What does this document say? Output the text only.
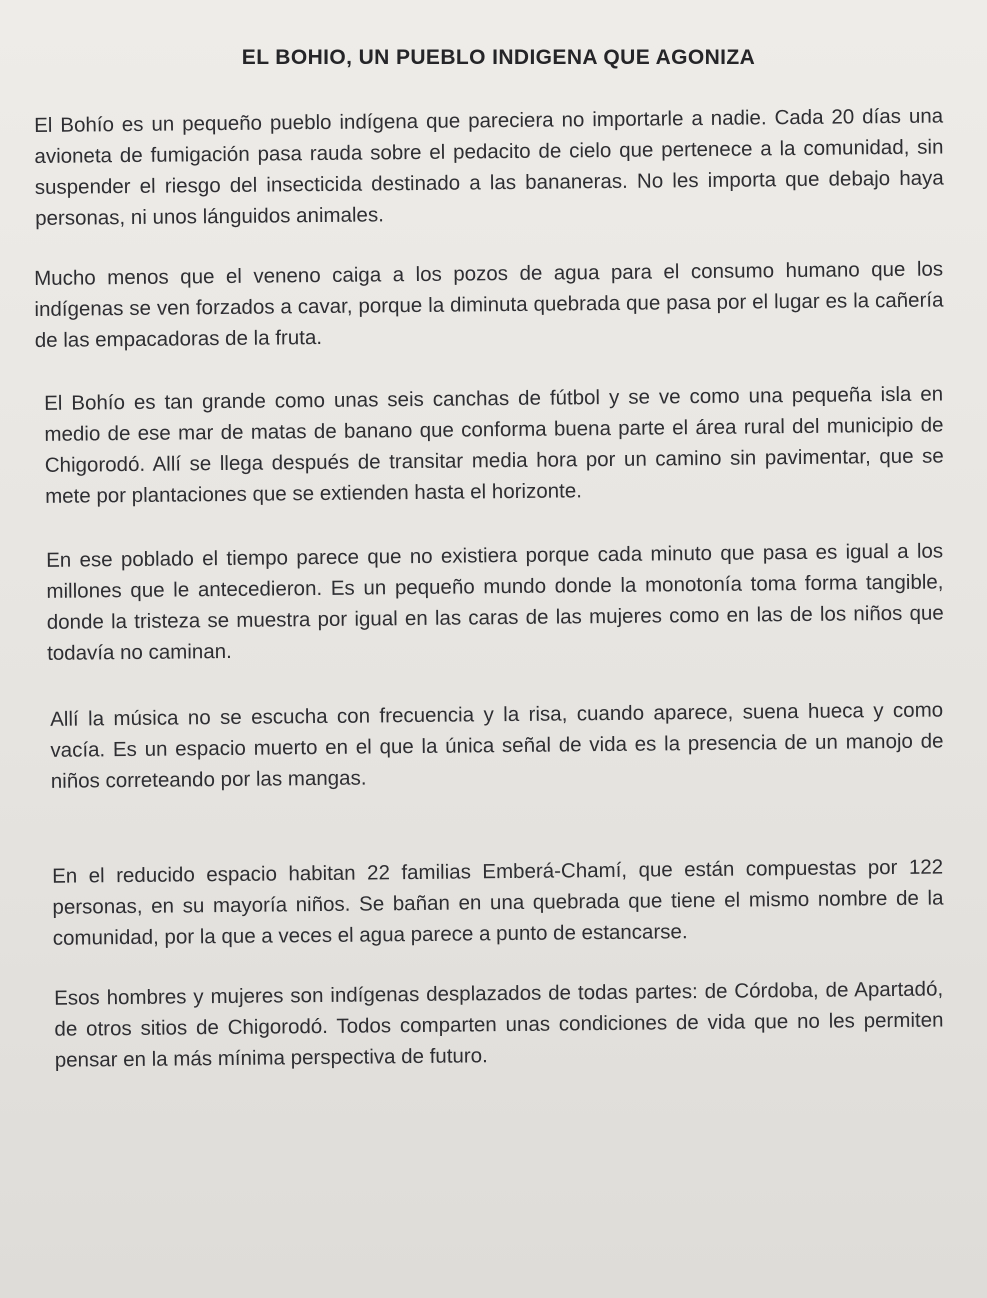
EL BOHIO, UN PUEBLO INDIGENA QUE AGONIZA

El Bohío es un pequeño pueblo indígena que pareciera no importarle a nadie. Cada 20 días una avioneta de fumigación pasa rauda sobre el pedacito de cielo que pertenece a la comunidad, sin suspender el riesgo del insecticida destinado a las bananeras. No les importa que debajo haya personas, ni unos lánguidos animales.

Mucho menos que el veneno caiga a los pozos de agua para el consumo humano que los indígenas se ven forzados a cavar, porque la diminuta quebrada que pasa por el lugar es la cañería de las empacadoras de la fruta.

El Bohío es tan grande como unas seis canchas de fútbol y se ve como una pequeña isla en medio de ese mar de matas de banano que conforma buena parte el área rural del municipio de Chigorodó. Allí se llega después de transitar media hora por un camino sin pavimentar, que se mete por plantaciones que se extienden hasta el horizonte.

En ese poblado el tiempo parece que no existiera porque cada minuto que pasa es igual a los millones que le antecedieron. Es un pequeño mundo donde la monotonía toma forma tangible, donde la tristeza se muestra por igual en las caras de las mujeres como en las de los niños que todavía no caminan.

Allí la música no se escucha con frecuencia y la risa, cuando aparece, suena hueca y como vacía. Es un espacio muerto en el que la única señal de vida es la presencia de un manojo de niños correteando por las mangas.

En el reducido espacio habitan 22 familias Emberá-Chamí, que están compuestas por 122 personas, en su mayoría niños. Se bañan en una quebrada que tiene el mismo nombre de la comunidad, por la que a veces el agua parece a punto de estancarse.

Esos hombres y mujeres son indígenas desplazados de todas partes: de Córdoba, de Apartadó, de otros sitios de Chigorodó. Todos comparten unas condiciones de vida que no les permiten pensar en la más mínima perspectiva de futuro.
